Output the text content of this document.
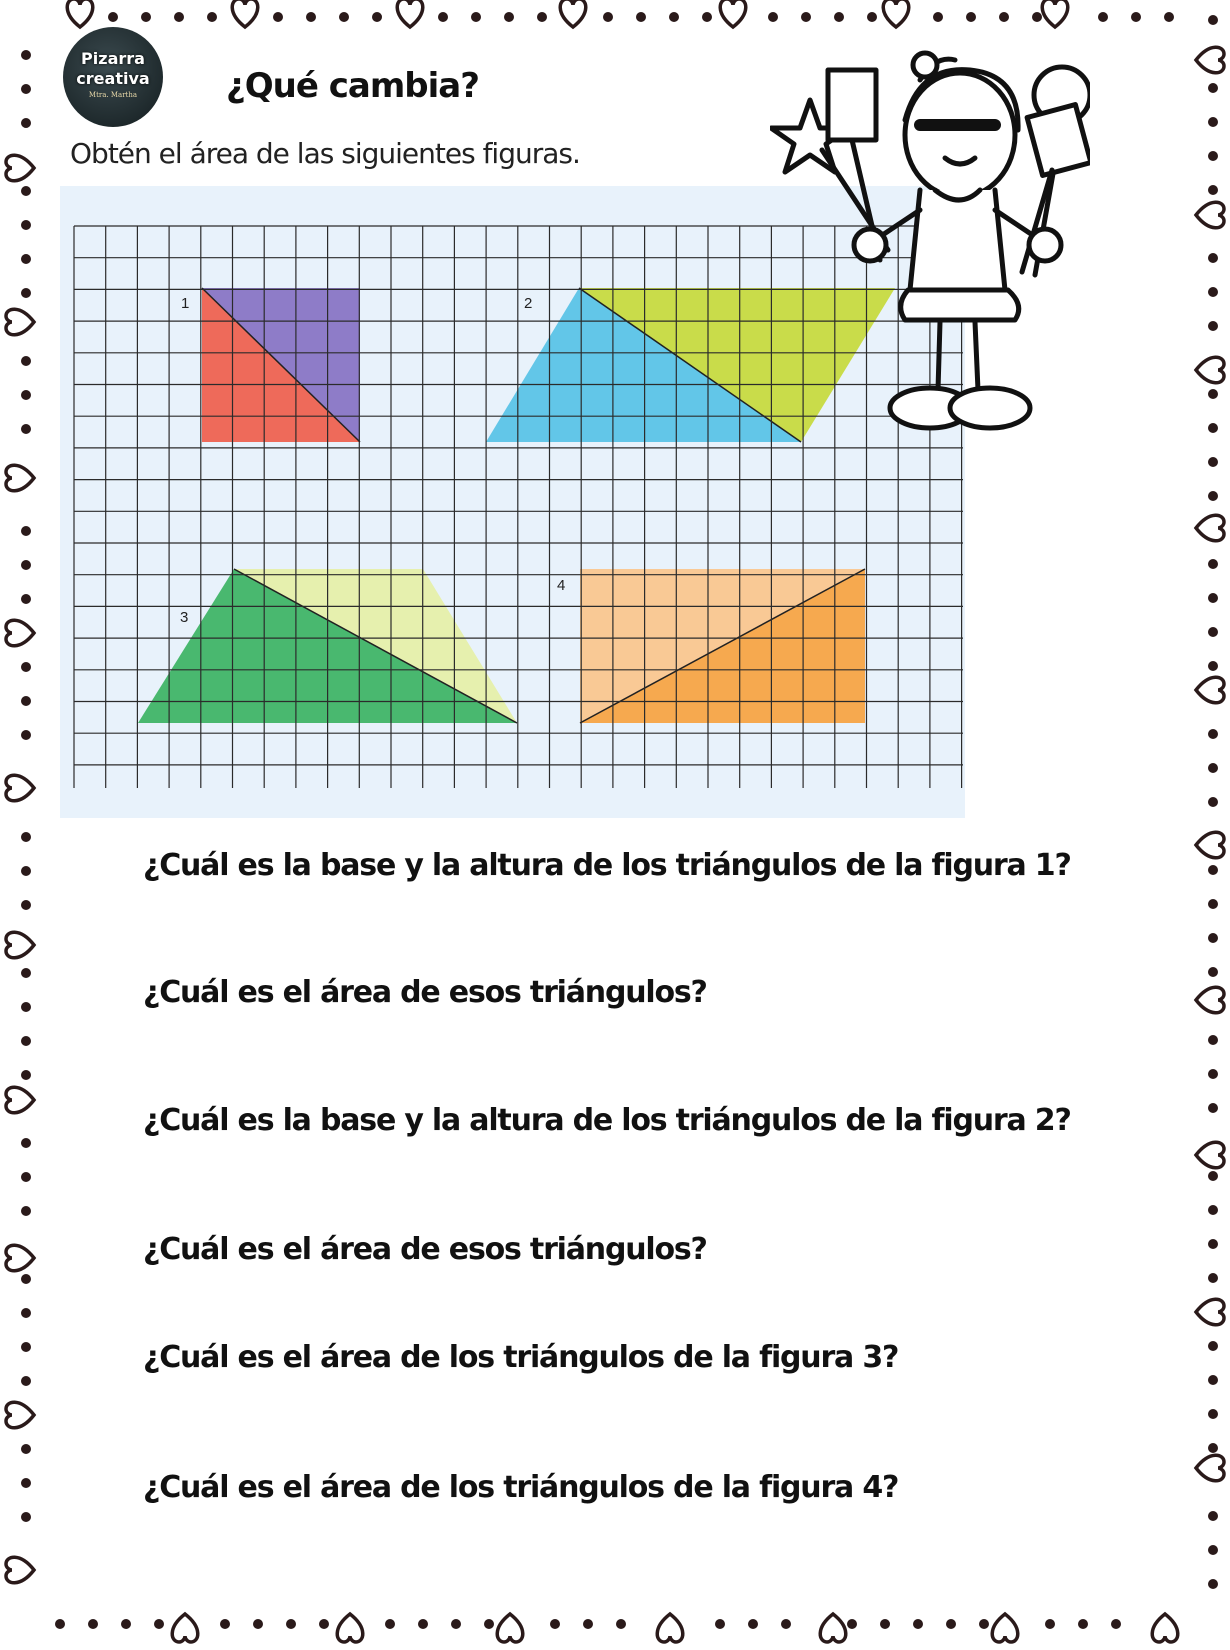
Pizarra
creativa
Mtra. Martha	¿Qué cambia?
Obtén el área de las siguientes figuras.
1	2
3
4
¿Cuál es la base y la altura de los triángulos de la figura 1?
¿Cuál es el área de esos triángulos?
¿Cuál es la base y la altura de los triángulos de la figura 2?
¿Cuál es el área de esos triángulos?
¿Cuál es el área de los triángulos de la figura 3?
¿Cuál es el área de los triángulos de la figura 4?
